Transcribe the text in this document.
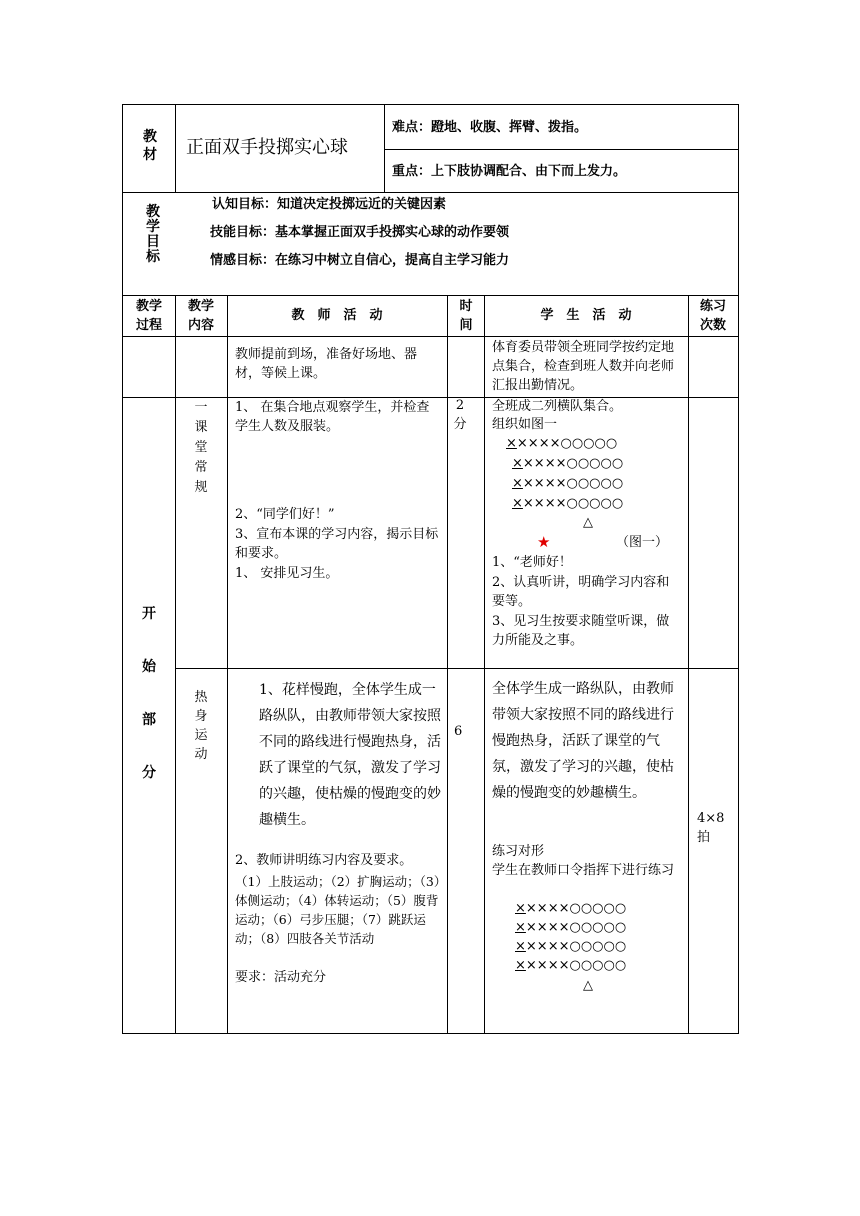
教材	正面双手投掷实心球
难点：蹬地、收腹、挥臂、拨指。
重点：上下肢协调配合、由下而上发力。
教学目标
认知目标：知道决定投掷远近的关键因素
技能目标：基本掌握正面双手投掷实心球的动作要领
情感目标：在练习中树立自信心，提高自主学习能力
教学过程
教学内容
教　师　活　动
时间
学　生　活　动
练习次数
教师提前到场，准备好场地、器材，等候上课。
体育委员带领全班同学按约定地点集合，检查到班人数并向老师汇报出勤情况。
开始部分
一课堂常规
1、 在集合地点观察学生，并检查学生人数及服装。
2、“同学们好！”
3、宣布本课的学习内容，揭示目标和要求。
1、 安排见习生。
2分
全班成二列横队集合。
组织如图一
×××××○○○○○
×××××○○○○○
×××××○○○○○
×××××○○○○○
△
★	（图一）
1、“老师好！
2、认真听讲，明确学习内容和要等。
3、见习生按要求随堂听课，做力所能及之事。
热身运动
1、花样慢跑，全体学生成一路纵队，由教师带领大家按照不同的路线进行慢跑热身，活跃了课堂的气氛，激发了学习的兴趣，使枯燥的慢跑变的妙趣横生。
2、教师讲明练习内容及要求。
（1）上肢运动；（2）扩胸运动；（3）体侧运动；（4）体转运动；（5）腹背运动；（6）弓步压腿；（7）跳跃运动；（8）四肢各关节活动
要求：活动充分
6
全体学生成一路纵队，由教师带领大家按照不同的路线进行慢跑热身，活跃了课堂的气氛，激发了学习的兴趣，使枯燥的慢跑变的妙趣横生。
练习对形
学生在教师口令指挥下进行练习
×××××○○○○○
×××××○○○○○
×××××○○○○○
×××××○○○○○
△
4×8拍
